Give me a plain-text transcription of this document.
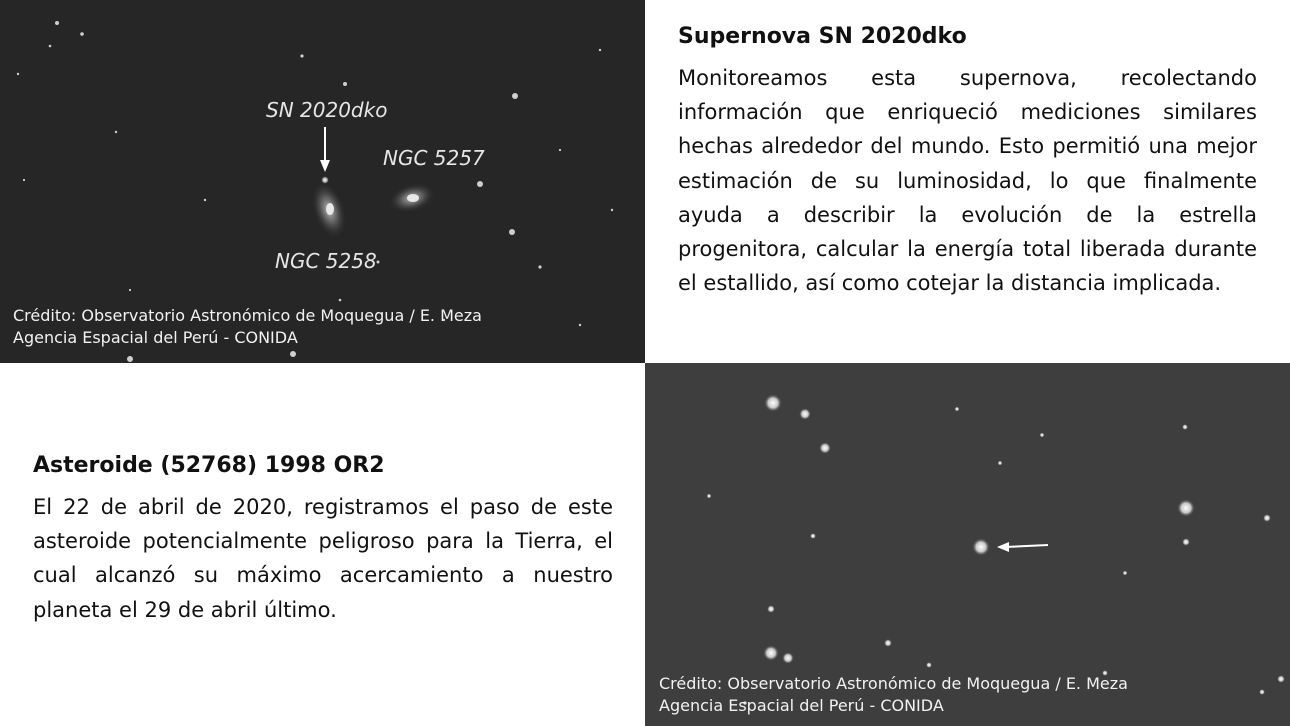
SN 2020dko
NGC 5257
NGC 5258
Crédito: Observatorio Astronómico de Moquegua / E. Meza
Agencia Espacial del Perú - CONIDA
Supernova SN 2020dko

Monitoreamos esta supernova, recolectando información que enriqueció mediciones similares hechas alrededor del mundo. Esto permitió una mejor estimación de su luminosidad, lo que finalmente ayuda a describir la evolución de la estrella progenitora, calcular la energía total liberada durante el estallido, así como cotejar la distancia implicada.

Asteroide (52768) 1998 OR2

El 22 de abril de 2020, registramos el paso de este asteroide potencialmente peligroso para la Tierra, el cual alcanzó su máximo acercamiento a nuestro planeta el 29 de abril último.

Crédito: Observatorio Astronómico de Moquegua / E. Meza
Agencia Espacial del Perú - CONIDA
